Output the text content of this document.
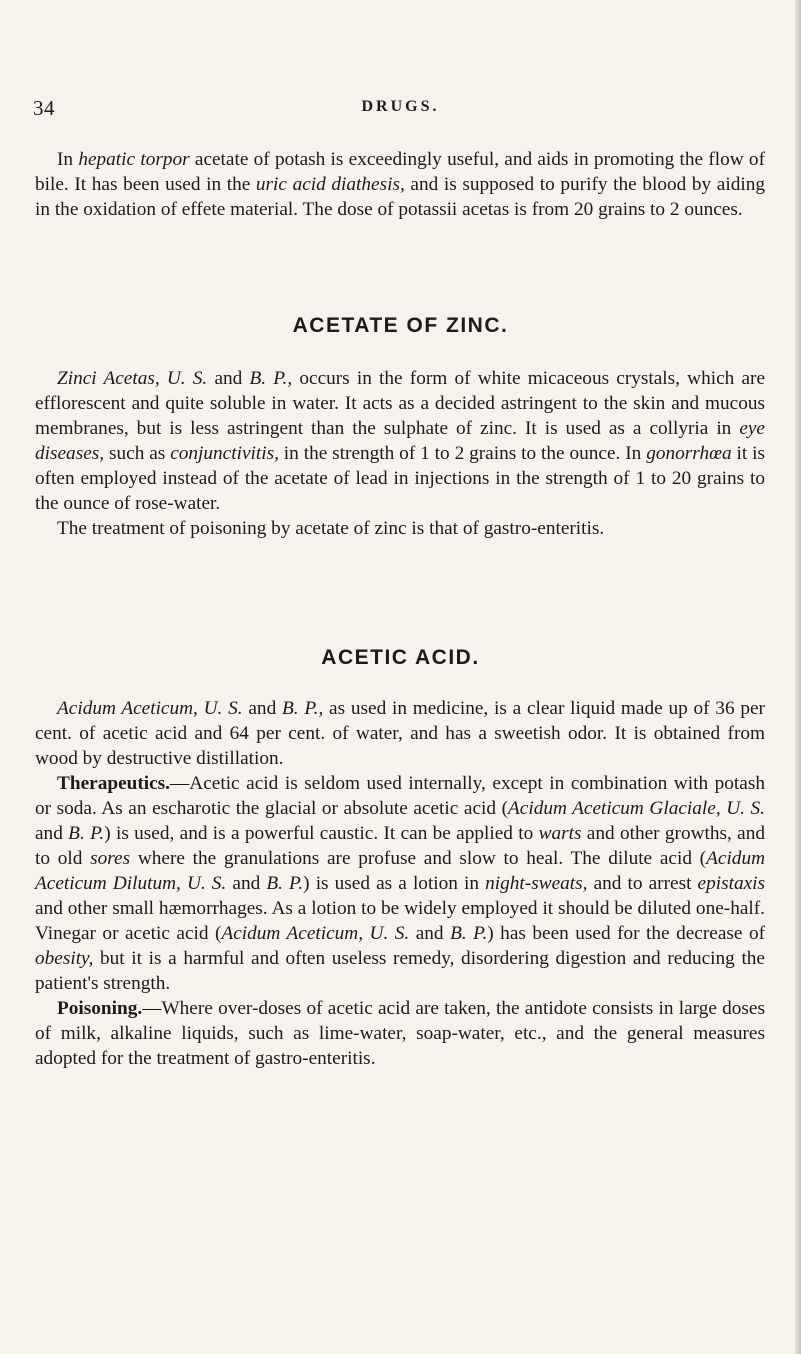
34	DRUGS.

In hepatic torpor acetate of potash is exceedingly useful, and aids in promoting the flow of bile. It has been used in the uric acid diathesis, and is supposed to purify the blood by aiding in the oxidation of effete material. The dose of potassii acetas is from 20 grains to 2 ounces.

ACETATE OF ZINC.

Zinci Acetas, U. S. and B. P., occurs in the form of white micaceous crystals, which are efflorescent and quite soluble in water. It acts as a decided astringent to the skin and mucous membranes, but is less astringent than the sulphate of zinc. It is used as a collyria in eye diseases, such as conjunctivitis, in the strength of 1 to 2 grains to the ounce. In gonorrhœa it is often employed instead of the acetate of lead in injections in the strength of 1 to 20 grains to the ounce of rose-water.

The treatment of poisoning by acetate of zinc is that of gastro-enteritis.

ACETIC ACID.

Acidum Aceticum, U. S. and B. P., as used in medicine, is a clear liquid made up of 36 per cent. of acetic acid and 64 per cent. of water, and has a sweetish odor. It is obtained from wood by destructive distillation.

Therapeutics.—Acetic acid is seldom used internally, except in combination with potash or soda. As an escharotic the glacial or absolute acetic acid (Acidum Aceticum Glaciale, U. S. and B. P.) is used, and is a powerful caustic. It can be applied to warts and other growths, and to old sores where the granulations are profuse and slow to heal. The dilute acid (Acidum Aceticum Dilutum, U. S. and B. P.) is used as a lotion in night-sweats, and to arrest epistaxis and other small hæmorrhages. As a lotion to be widely employed it should be diluted one-half. Vinegar or acetic acid (Acidum Aceticum, U. S. and B. P.) has been used for the decrease of obesity, but it is a harmful and often useless remedy, disordering digestion and reducing the patient's strength.

Poisoning.—Where over-doses of acetic acid are taken, the antidote consists in large doses of milk, alkaline liquids, such as lime-water, soap-water, etc., and the general measures adopted for the treatment of gastro-enteritis.
